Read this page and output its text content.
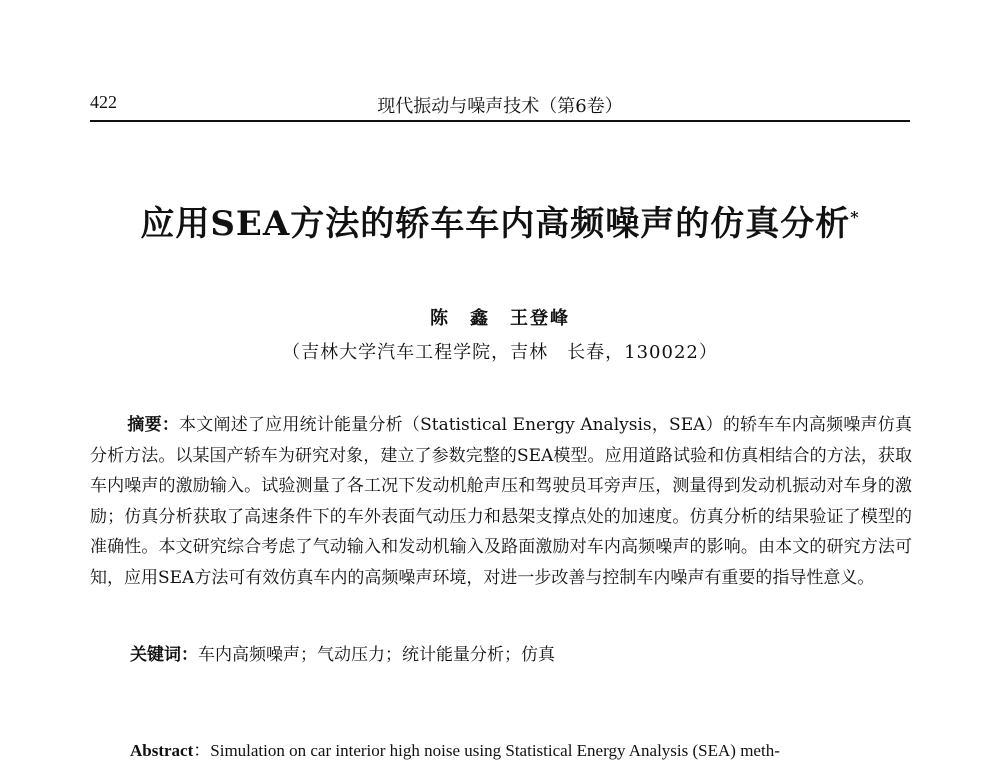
422	现代振动与噪声技术（第6卷）
应用SEA方法的轿车车内高频噪声的仿真分析*
陈　鑫　王登峰
（吉林大学汽车工程学院，吉林　长春，130022）
摘要：本文阐述了应用统计能量分析（Statistical Energy Analysis，SEA）的轿车车内高频噪声仿真分析方法。以某国产轿车为研究对象，建立了参数完整的SEA模型。应用道路试验和仿真相结合的方法，获取车内噪声的激励输入。试验测量了各工况下发动机舱声压和驾驶员耳旁声压，测量得到发动机振动对车身的激励；仿真分析获取了高速条件下的车外表面气动压力和悬架支撑点处的加速度。仿真分析的结果验证了模型的准确性。本文研究综合考虑了气动输入和发动机输入及路面激励对车内高频噪声的影响。由本文的研究方法可知，应用SEA方法可有效仿真车内的高频噪声环境，对进一步改善与控制车内噪声有重要的指导性意义。
关键词：车内高频噪声；气动压力；统计能量分析；仿真
Abstract：Simulation on car interior high noise using Statistical Energy Analysis (SEA) meth-
